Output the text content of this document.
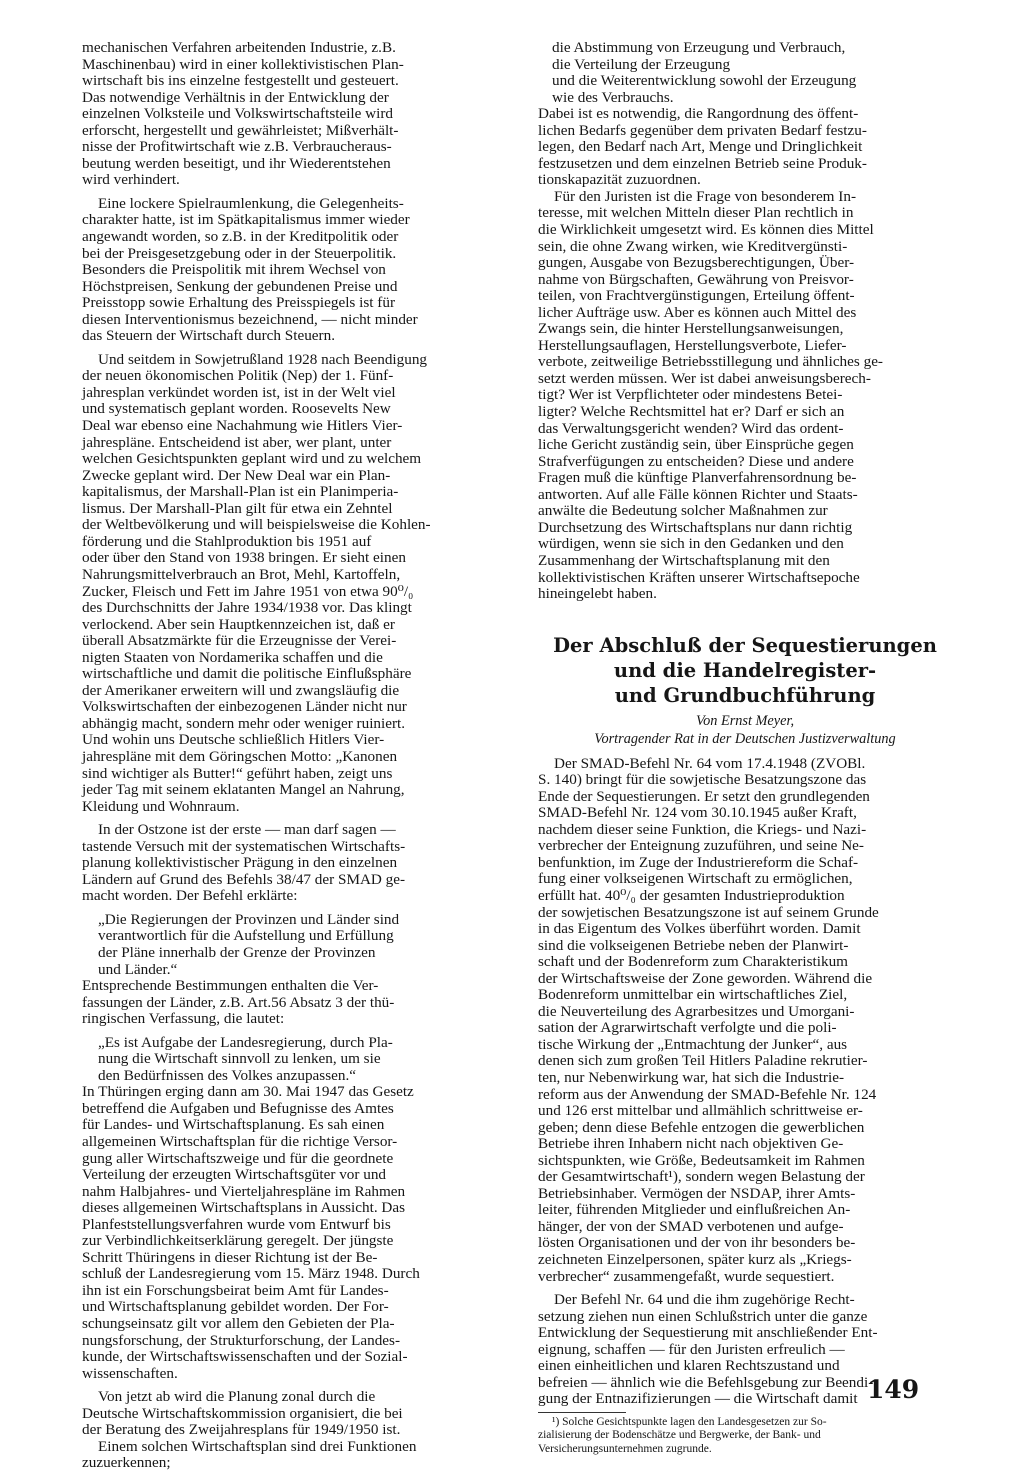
mechanischen Verfahren arbeitenden Industrie, z.B.
Maschinenbau) wird in einer kollektivistischen Plan-
wirtschaft bis ins einzelne festgestellt und gesteuert.
Das notwendige Verhältnis in der Entwicklung der
einzelnen Volksteile und Volkswirtschaftsteile wird
erforscht, hergestellt und gewährleistet; Mißverhält-
nisse der Profitwirtschaft wie z.B. Verbraucheraus-
beutung werden beseitigt, und ihr Wiederentstehen
wird verhindert.

Eine lockere Spielraumlenkung, die Gelegenheits-
charakter hatte, ist im Spätkapitalismus immer wieder
angewandt worden, so z.B. in der Kreditpolitik oder
bei der Preisgesetzgebung oder in der Steuerpolitik.
Besonders die Preispolitik mit ihrem Wechsel von
Höchstpreisen, Senkung der gebundenen Preise und
Preisstopp sowie Erhaltung des Preisspiegels ist für
diesen Interventionismus bezeichnend, — nicht minder
das Steuern der Wirtschaft durch Steuern.

Und seitdem in Sowjetrußland 1928 nach Beendigung
der neuen ökonomischen Politik (Nep) der 1. Fünf-
jahresplan verkündet worden ist, ist in der Welt viel
und systematisch geplant worden. Roosevelts New
Deal war ebenso eine Nachahmung wie Hitlers Vier-
jahrespläne. Entscheidend ist aber, wer plant, unter
welchen Gesichtspunkten geplant wird und zu welchem
Zwecke geplant wird. Der New Deal war ein Plan-
kapitalismus, der Marshall-Plan ist ein Planimperia-
lismus. Der Marshall-Plan gilt für etwa ein Zehntel
der Weltbevölkerung und will beispielsweise die Kohlen-
förderung und die Stahlproduktion bis 1951 auf
oder über den Stand von 1938 bringen. Er sieht einen
Nahrungsmittelverbrauch an Brot, Mehl, Kartoffeln,
Zucker, Fleisch und Fett im Jahre 1951 von etwa 90⁰/₀
des Durchschnitts der Jahre 1934/1938 vor. Das klingt
verlockend. Aber sein Hauptkennzeichen ist, daß er
überall Absatzmärkte für die Erzeugnisse der Verei-
nigten Staaten von Nordamerika schaffen und die
wirtschaftliche und damit die politische Einflußsphäre
der Amerikaner erweitern will und zwangsläufig die
Volkswirtschaften der einbezogenen Länder nicht nur
abhängig macht, sondern mehr oder weniger ruiniert.
Und wohin uns Deutsche schließlich Hitlers Vier-
jahrespläne mit dem Göringschen Motto: „Kanonen
sind wichtiger als Butter!“ geführt haben, zeigt uns
jeder Tag mit seinem eklatanten Mangel an Nahrung,
Kleidung und Wohnraum.

In der Ostzone ist der erste — man darf sagen —
tastende Versuch mit der systematischen Wirtschafts-
planung kollektivistischer Prägung in den einzelnen
Ländern auf Grund des Befehls 38/47 der SMAD ge-
macht worden. Der Befehl erklärte:

„Die Regierungen der Provinzen und Länder sind
verantwortlich für die Aufstellung und Erfüllung
der Pläne innerhalb der Grenze der Provinzen
und Länder.“

Entsprechende Bestimmungen enthalten die Ver-
fassungen der Länder, z.B. Art.56 Absatz 3 der thü-
ringischen Verfassung, die lautet:

„Es ist Aufgabe der Landesregierung, durch Pla-
nung die Wirtschaft sinnvoll zu lenken, um sie
den Bedürfnissen des Volkes anzupassen.“

In Thüringen erging dann am 30. Mai 1947 das Gesetz
betreffend die Aufgaben und Befugnisse des Amtes
für Landes- und Wirtschaftsplanung. Es sah einen
allgemeinen Wirtschaftsplan für die richtige Versor-
gung aller Wirtschaftszweige und für die geordnete
Verteilung der erzeugten Wirtschaftsgüter vor und
nahm Halbjahres- und Vierteljahrespläne im Rahmen
dieses allgemeinen Wirtschaftsplans in Aussicht. Das
Planfeststellungsverfahren wurde vom Entwurf bis
zur Verbindlichkeitserklärung geregelt. Der jüngste
Schritt Thüringens in dieser Richtung ist der Be-
schluß der Landesregierung vom 15. März 1948. Durch
ihn ist ein Forschungsbeirat beim Amt für Landes-
und Wirtschaftsplanung gebildet worden. Der For-
schungseinsatz gilt vor allem den Gebieten der Pla-
nungsforschung, der Strukturforschung, der Landes-
kunde, der Wirtschaftswissenschaften und der Sozial-
wissenschaften.

Von jetzt ab wird die Planung zonal durch die
Deutsche Wirtschaftskommission organisiert, die bei
der Beratung des Zweijahresplans für 1949/1950 ist.

Einem solchen Wirtschaftsplan sind drei Funktionen
zuzuerkennen;

die Abstimmung von Erzeugung und Verbrauch,
die Verteilung der Erzeugung
und die Weiterentwicklung sowohl der Erzeugung
wie des Verbrauchs.

Dabei ist es notwendig, die Rangordnung des öffent-
lichen Bedarfs gegenüber dem privaten Bedarf festzu-
legen, den Bedarf nach Art, Menge und Dringlichkeit
festzusetzen und dem einzelnen Betrieb seine Produk-
tionskapazität zuzuordnen.

Für den Juristen ist die Frage von besonderem In-
teresse, mit welchen Mitteln dieser Plan rechtlich in
die Wirklichkeit umgesetzt wird. Es können dies Mittel
sein, die ohne Zwang wirken, wie Kreditvergünsti-
gungen, Ausgabe von Bezugsberechtigungen, Über-
nahme von Bürgschaften, Gewährung von Preisvor-
teilen, von Frachtvergünstigungen, Erteilung öffent-
licher Aufträge usw. Aber es können auch Mittel des
Zwangs sein, die hinter Herstellungsanweisungen,
Herstellungsauflagen, Herstellungsverbote, Liefer-
verbote, zeitweilige Betriebsstillegung und ähnliches ge-
setzt werden müssen. Wer ist dabei anweisungsberech-
tigt? Wer ist Verpflichteter oder mindestens Betei-
ligter? Welche Rechtsmittel hat er? Darf er sich an
das Verwaltungsgericht wenden? Wird das ordent-
liche Gericht zuständig sein, über Einsprüche gegen
Strafverfügungen zu entscheiden? Diese und andere
Fragen muß die künftige Planverfahrensordnung be-
antworten. Auf alle Fälle können Richter und Staats-
anwälte die Bedeutung solcher Maßnahmen zur
Durchsetzung des Wirtschaftsplans nur dann richtig
würdigen, wenn sie sich in den Gedanken und den
Zusammenhang der Wirtschaftsplanung mit den
kollektivistischen Kräften unserer Wirtschaftsepoche
hineingelebt haben.

Der Abschluß der Sequestierungen
und die Handelregister-
und Grundbuchführung
Von Ernst Meyer,
Vortragender Rat in der Deutschen Justizverwaltung

Der SMAD-Befehl Nr. 64 vom 17.4.1948 (ZVOBl.
S. 140) bringt für die sowjetische Besatzungszone das
Ende der Sequestierungen. Er setzt den grundlegenden
SMAD-Befehl Nr. 124 vom 30.10.1945 außer Kraft,
nachdem dieser seine Funktion, die Kriegs- und Nazi-
verbrecher der Enteignung zuzuführen, und seine Ne-
benfunktion, im Zuge der Industriereform die Schaf-
fung einer volkseigenen Wirtschaft zu ermöglichen,
erfüllt hat. 40⁰/₀ der gesamten Industrieproduktion
der sowjetischen Besatzungszone ist auf seinem Grunde
in das Eigentum des Volkes überführt worden. Damit
sind die volkseigenen Betriebe neben der Planwirt-
schaft und der Bodenreform zum Charakteristikum
der Wirtschaftsweise der Zone geworden. Während die
Bodenreform unmittelbar ein wirtschaftliches Ziel,
die Neuverteilung des Agrarbesitzes und Umorgani-
sation der Agrarwirtschaft verfolgte und die poli-
tische Wirkung der „Entmachtung der Junker“, aus
denen sich zum großen Teil Hitlers Paladine rekrutier-
ten, nur Nebenwirkung war, hat sich die Industrie-
reform aus der Anwendung der SMAD-Befehle Nr. 124
und 126 erst mittelbar und allmählich schrittweise er-
geben; denn diese Befehle entzogen die gewerblichen
Betriebe ihren Inhabern nicht nach objektiven Ge-
sichtspunkten, wie Größe, Bedeutsamkeit im Rahmen
der Gesamtwirtschaft¹), sondern wegen Belastung der
Betriebsinhaber. Vermögen der NSDAP, ihrer Amts-
leiter, führenden Mitglieder und einflußreichen An-
hänger, der von der SMAD verbotenen und aufge-
lösten Organisationen und der von ihr besonders be-
zeichneten Einzelpersonen, später kurz als „Kriegs-
verbrecher“ zusammengefaßt, wurde sequestiert.

Der Befehl Nr. 64 und die ihm zugehörige Recht-
setzung ziehen nun einen Schlußstrich unter die ganze
Entwicklung der Sequestierung mit anschließender Ent-
eignung, schaffen — für den Juristen erfreulich —
einen einheitlichen und klaren Rechtszustand und
befreien — ähnlich wie die Befehlsgebung zur Beendi-
gung der Entnazifizierungen — die Wirtschaft damit

¹) Solche Gesichtspunkte lagen den Landesgesetzen zur So-
zialisierung der Bodenschätze und Bergwerke, der Bank- und
Versicherungsunternehmen zugrunde.

149
